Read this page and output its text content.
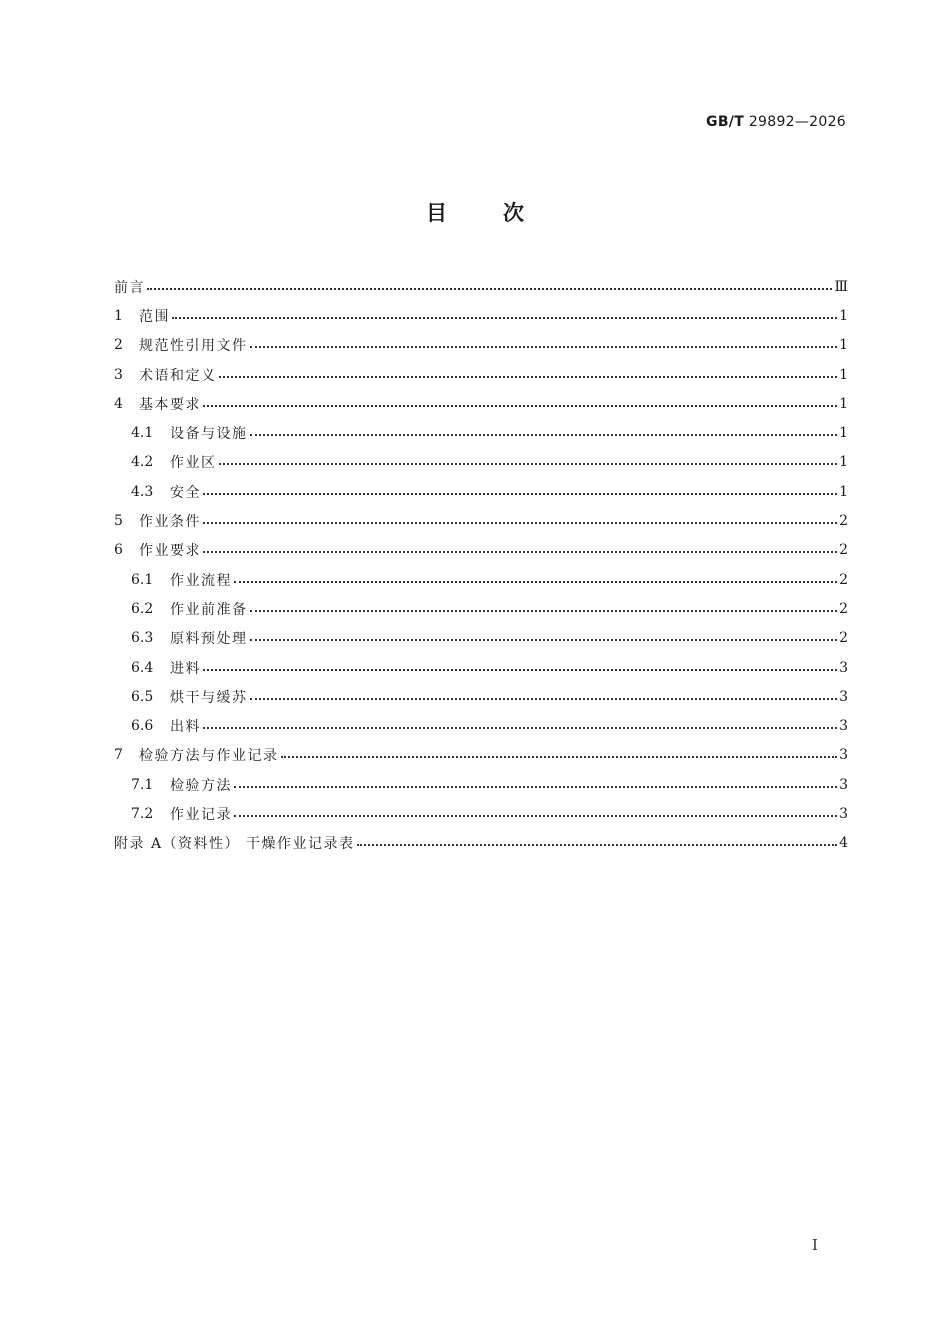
GB/T 29892—2026
目	次
前言	Ⅲ
1	范围	1
2	规范性引用文件	1
3	术语和定义	1
4	基本要求	1
4.1	设备与设施	1
4.2	作业区	1
4.3	安全	1
5	作业条件	2
6	作业要求	2
6.1	作业流程	2
6.2	作业前准备	2
6.3	原料预处理	2
6.4	进料	3
6.5	烘干与缓苏	3
6.6	出料	3
7	检验方法与作业记录	3
7.1	检验方法	3
7.2	作业记录	3
附录 A（资料性） 干燥作业记录表	4
I
